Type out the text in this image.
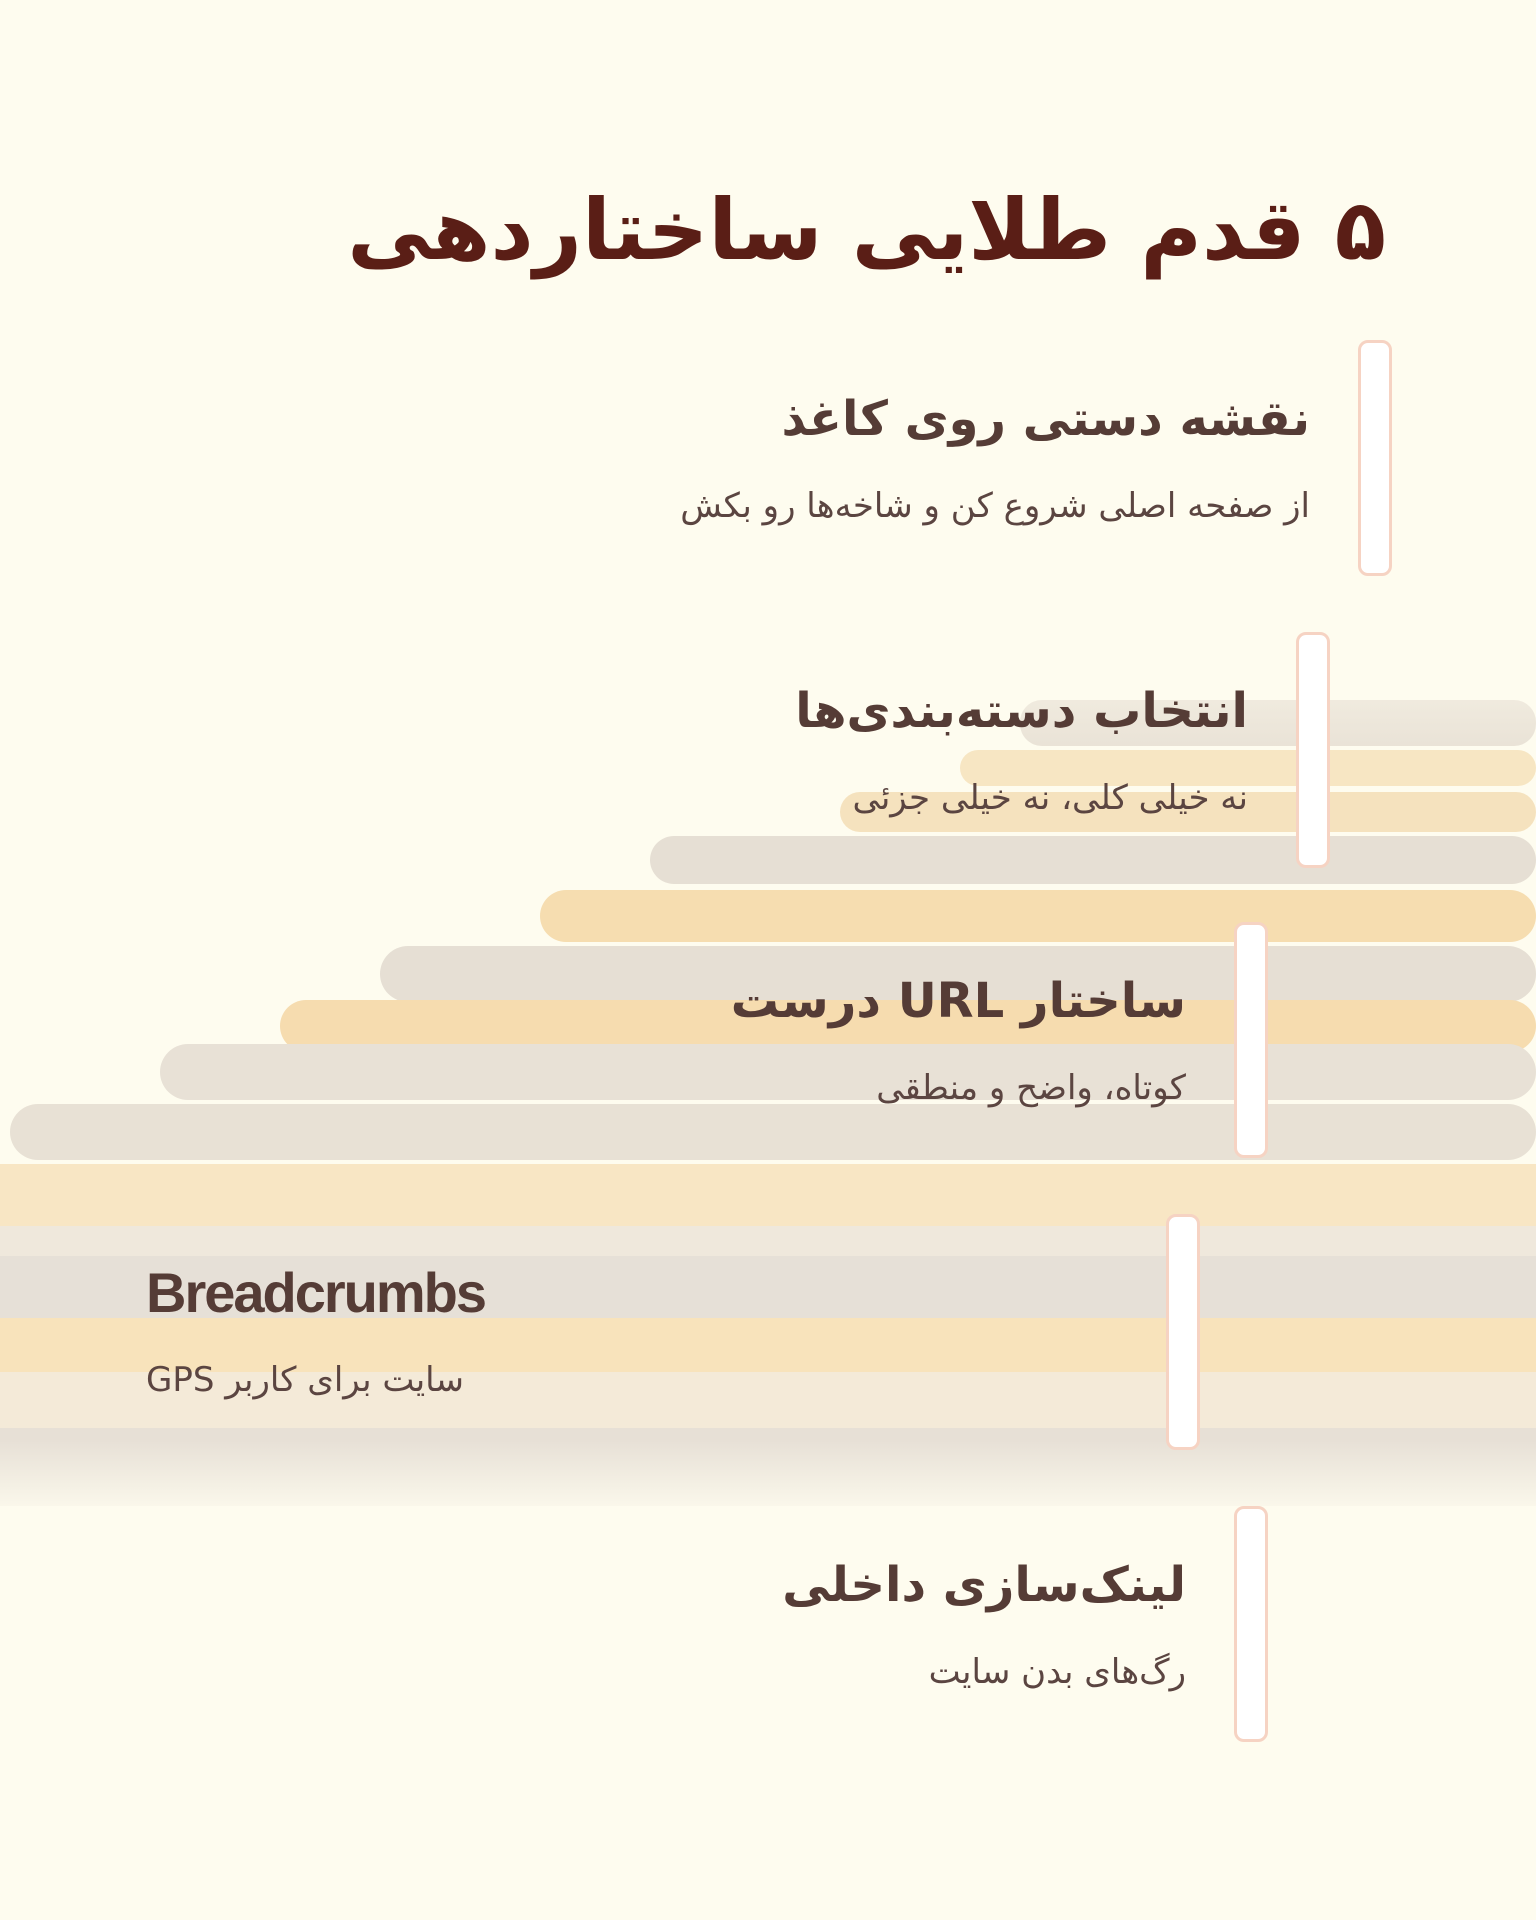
۵ قدم طلایی ساختاردهی
نقشه دستی روی کاغذ
از صفحه اصلی شروع کن و شاخه‌ها رو بکش
انتخاب دسته‌بندی‌ها
نه خیلی کلی، نه خیلی جزئی
ساختار URL درست
کوتاه، واضح و منطقی
Breadcrumbs
GPS سایت برای کاربر
لینک‌سازی داخلی
رگ‌های بدن سایت
